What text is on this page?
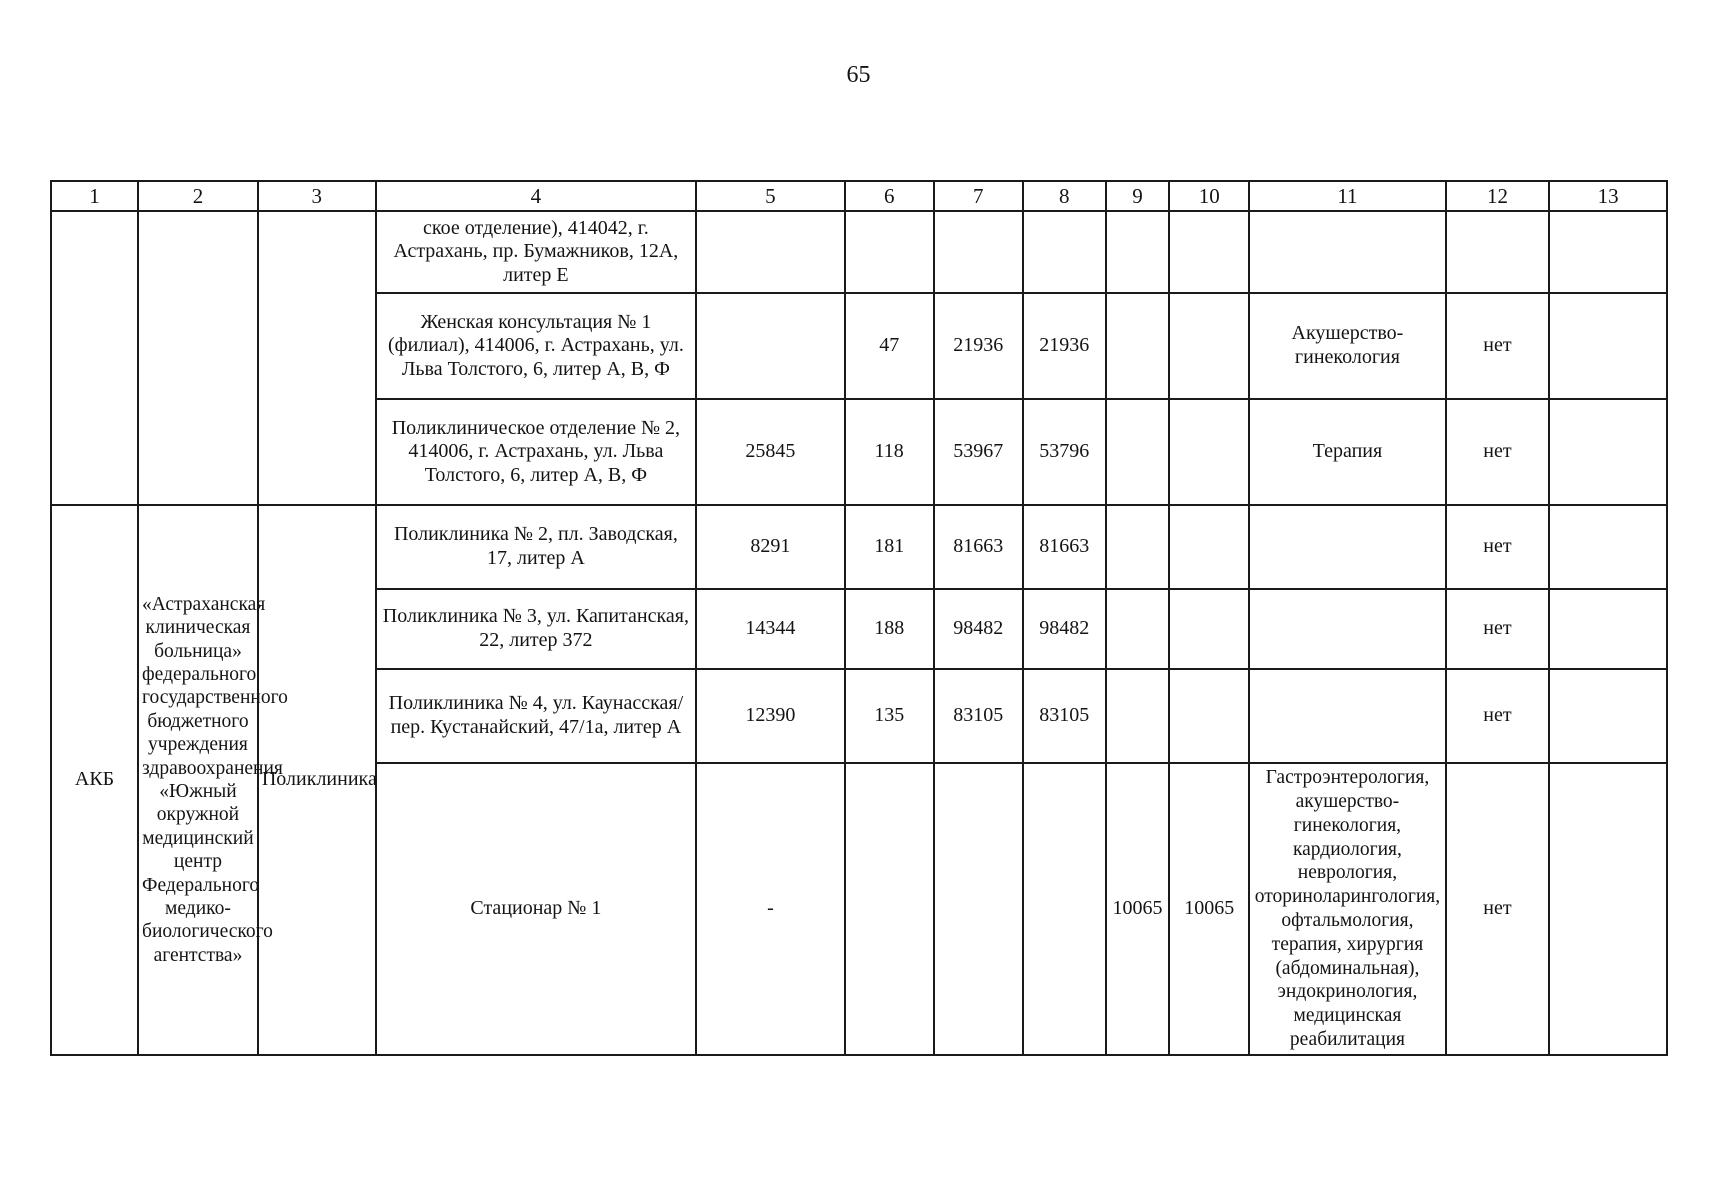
65
1	2	3	4	5	6	7	8	9	10	11	12	13
			ское отделение), 414042, г. Астрахань, пр. Бумажников, 12А, литер Е									
			Женская консультация № 1 (филиал), 414006, г. Астрахань, ул. Льва Толстого, 6, литер А, В, Ф		47	21936	21936			Акушерство-гинекология	нет	
			Поликлиническое отделение № 2, 414006, г. Астрахань, ул. Льва Толстого, 6, литер А, В, Ф	25845	118	53967	53796			Терапия	нет	
АКБ	«Астраханская клиническая больница» федерального государственного бюджетного учреждения здравоохранения «Южный окружной медицинский центр Федерального медико-биологического агентства»	Поликлиника	Поликлиника № 2, пл. Заводская, 17, литер А	8291	181	81663	81663				нет	
			Поликлиника № 3, ул. Капитанская, 22, литер 372	14344	188	98482	98482				нет	
			Поликлиника № 4, ул. Каунасская/пер. Кустанайский, 47/1а, литер А	12390	135	83105	83105				нет	
			Стационар № 1	-				10065	10065	Гастроэнтерология, акушерство-гинекология, кардиология, неврология, оториноларингология, офтальмология, терапия, хирургия (абдоминальная), эндокринология, медицинская реабилитация	нет	
